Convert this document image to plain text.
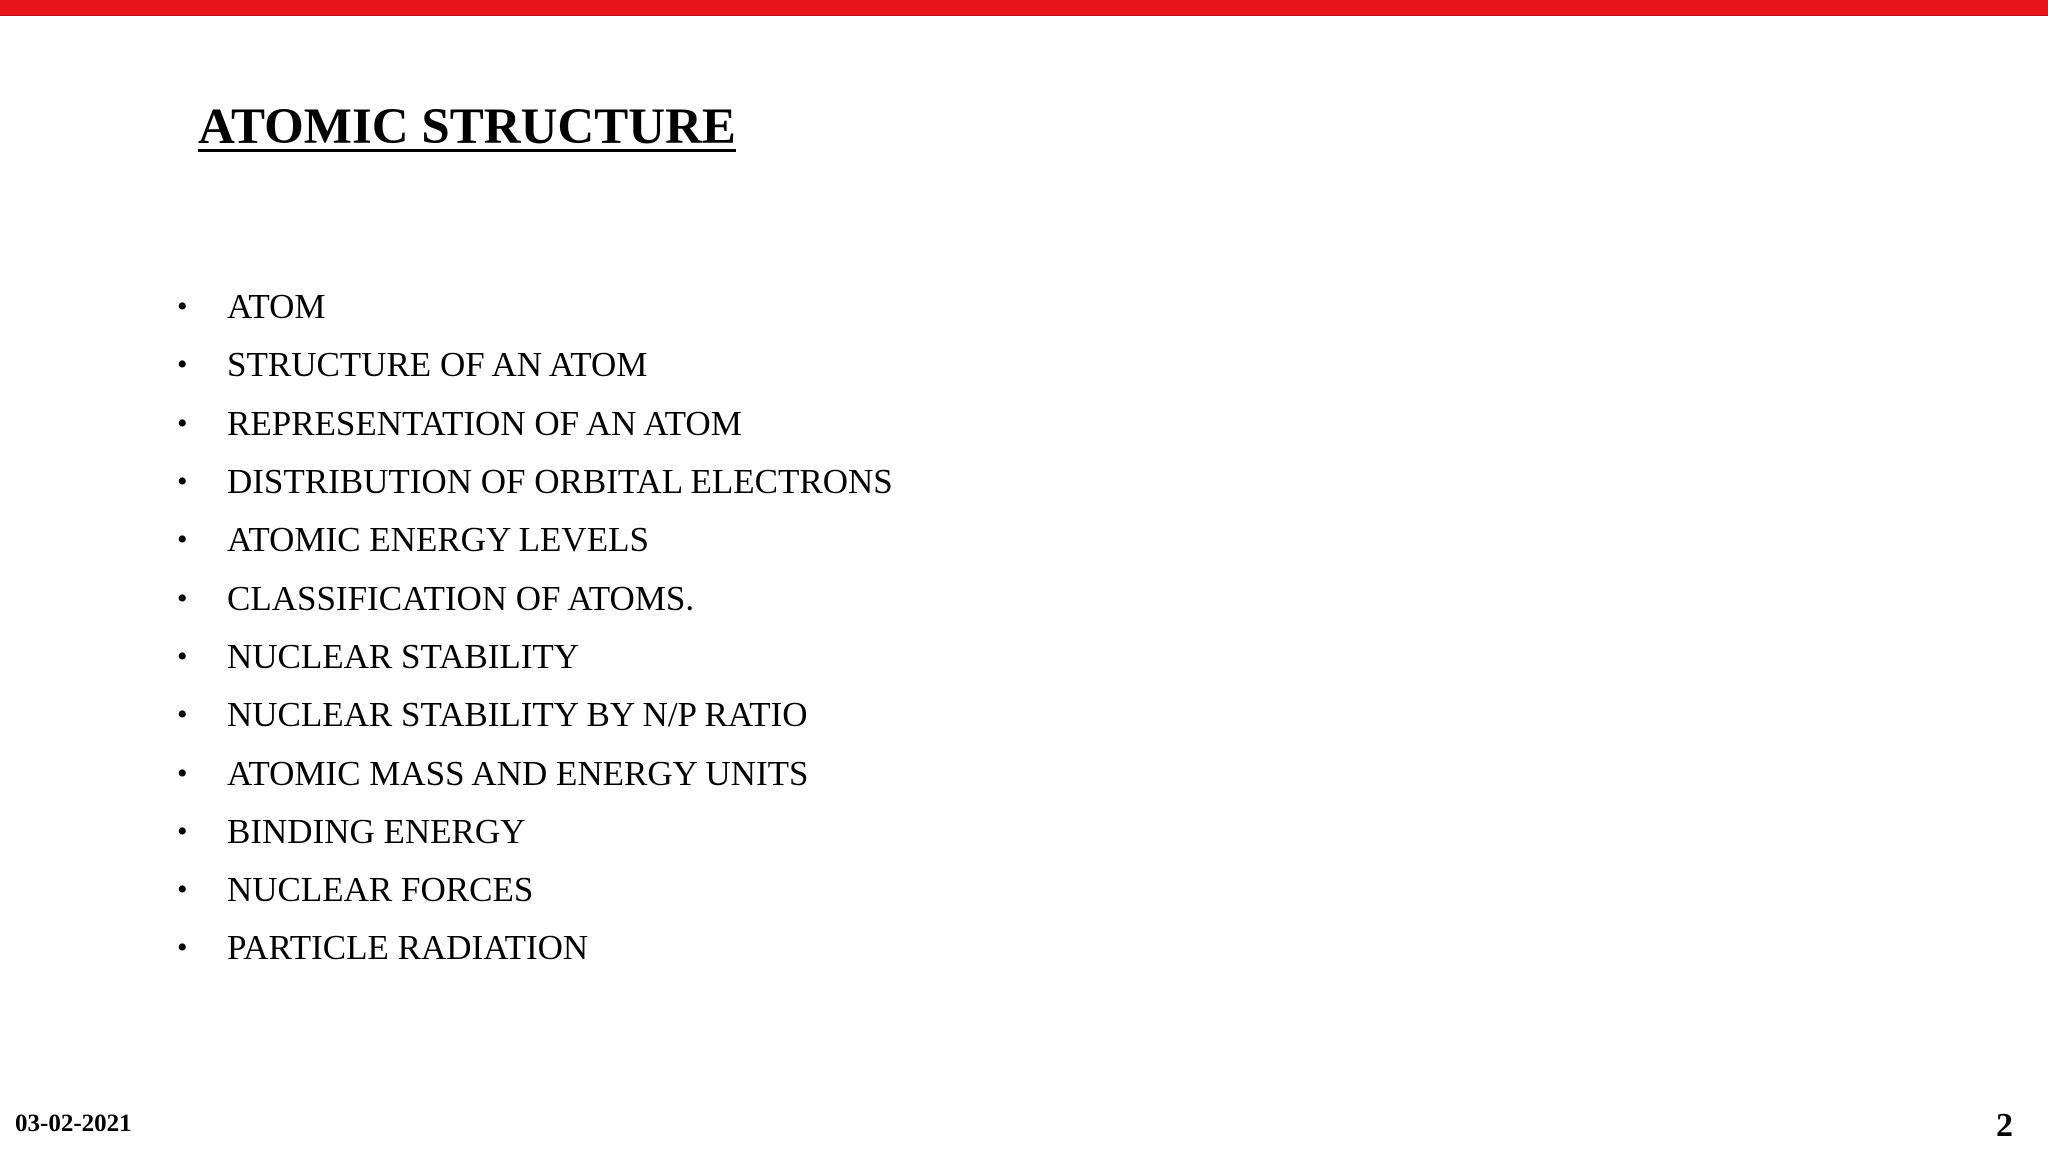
ATOMIC STRUCTURE
•	ATOM
•	STRUCTURE OF AN ATOM
•	REPRESENTATION OF AN ATOM
•	DISTRIBUTION OF ORBITAL ELECTRONS
•	ATOMIC ENERGY LEVELS
•	CLASSIFICATION OF ATOMS.
•	NUCLEAR STABILITY
•	NUCLEAR STABILITY BY N/P RATIO
•	ATOMIC MASS AND ENERGY UNITS
•	BINDING ENERGY
•	NUCLEAR FORCES
•	PARTICLE RADIATION
03-02-2021	2
